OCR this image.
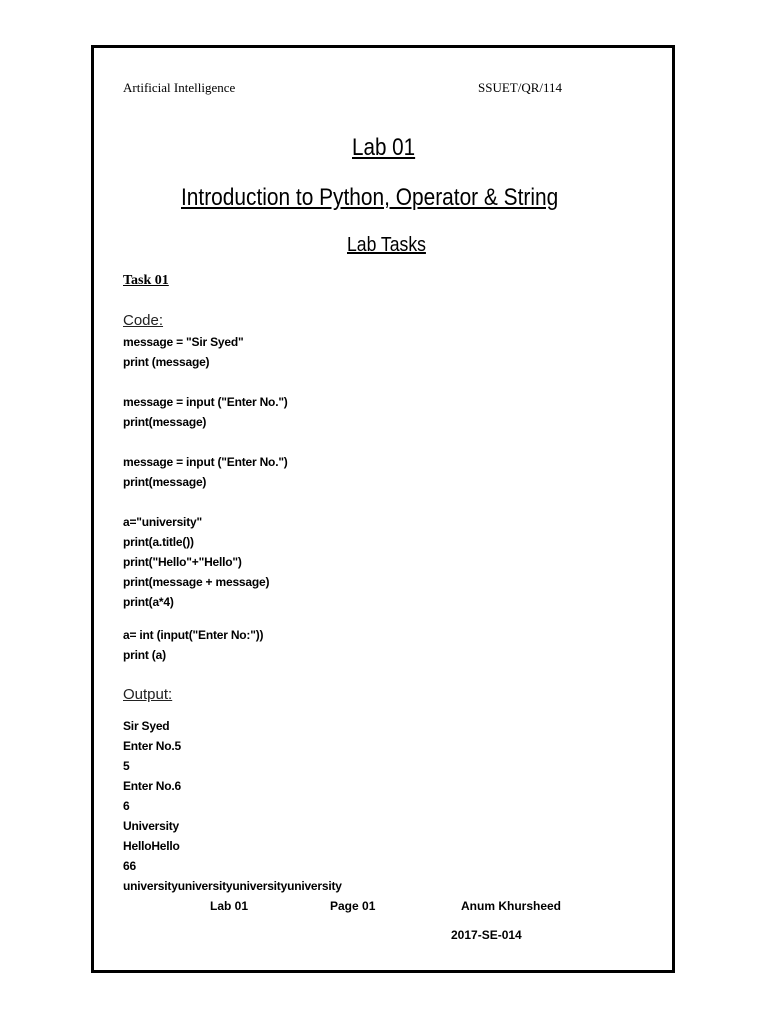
Artificial Intelligence	SSUET/QR/114
Lab 01
Introduction to Python, Operator & String
Lab Tasks
Task 01
Code:
message = "Sir Syed"
print (message)
message = input ("Enter No.")
print(message)
message = input ("Enter No.")
print(message)
a="university"
print(a.title())
print("Hello"+"Hello")
print(message + message)
print(a*4)
a= int (input("Enter No:"))
print (a)
Output:
Sir Syed
Enter No.5
5
Enter No.6
6
University
HelloHello
66
universityuniversityuniversityuniversity
Lab 01	Page 01	Anum Khursheed
2017-SE-014
